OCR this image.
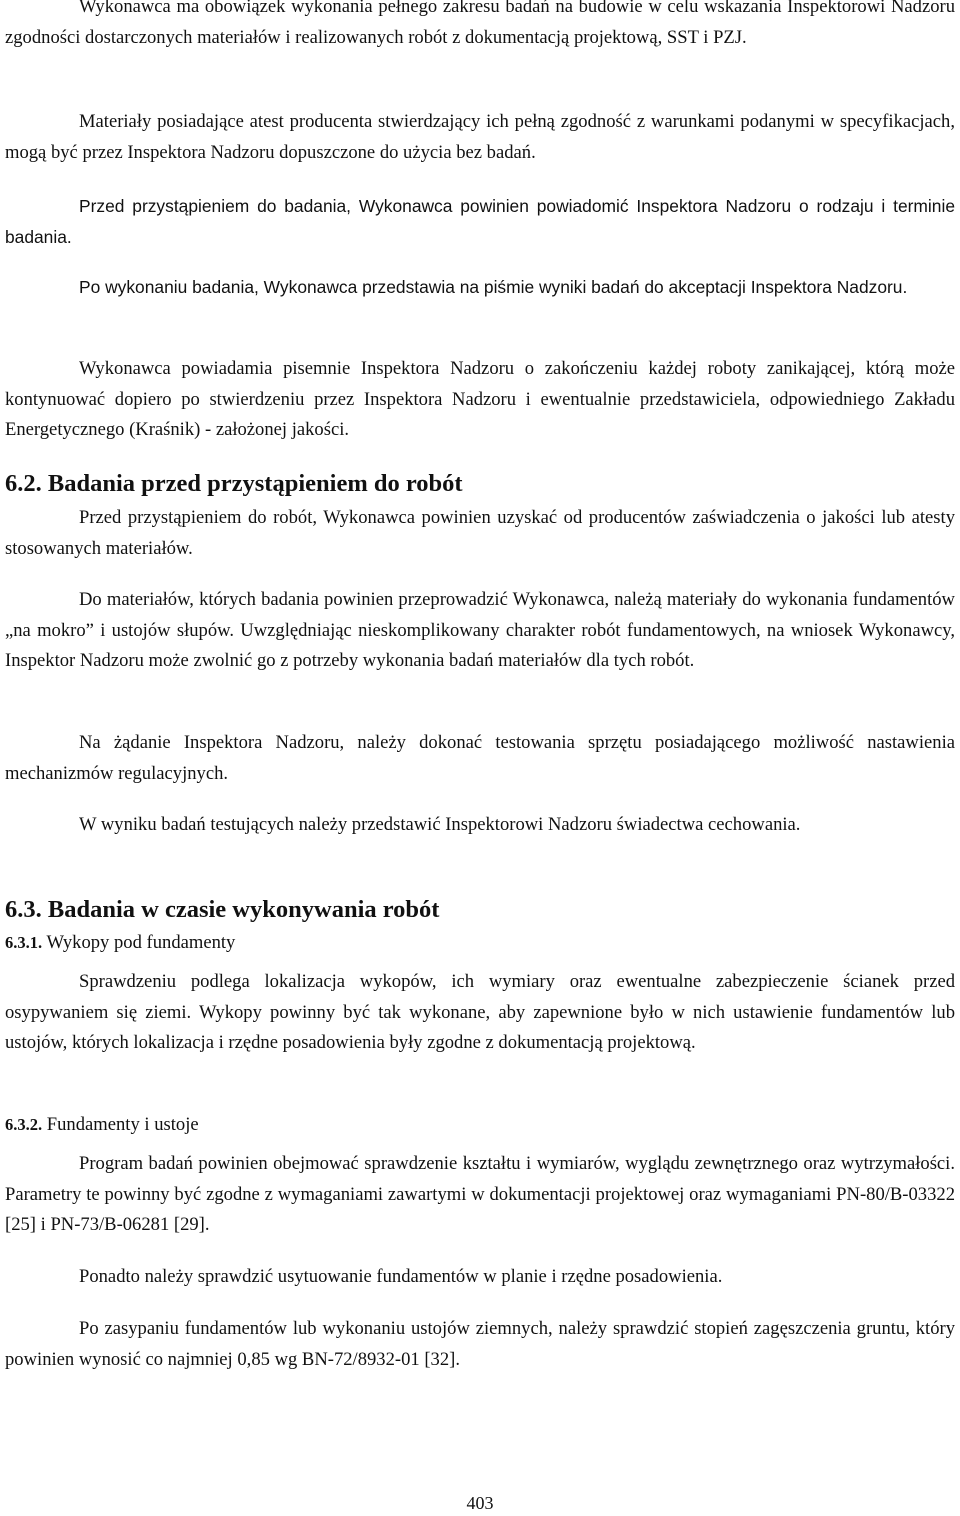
Wykonawca ma obowiązek wykonania pełnego zakresu badań na budowie w celu wskazania Inspektorowi Nadzoru zgodności dostarczonych materiałów i realizowanych robót z dokumentacją projektową, SST i PZJ.

Materiały posiadające atest producenta stwierdzający ich pełną zgodność z warunkami podanymi w specyfikacjach, mogą być przez Inspektora Nadzoru dopuszczone do użycia bez badań.

Przed przystąpieniem do badania, Wykonawca powinien powiadomić Inspektora Nadzoru o rodzaju i terminie badania.

Po wykonaniu badania, Wykonawca przedstawia na piśmie wyniki badań do akceptacji Inspektora Nadzoru.

Wykonawca powiadamia pisemnie Inspektora Nadzoru o zakończeniu każdej roboty zanikającej, którą może kontynuować dopiero po stwierdzeniu przez Inspektora Nadzoru i ewentualnie przedstawiciela, odpowiedniego Zakładu Energetycznego (Kraśnik) - założonej jakości.

6.2. Badania przed przystąpieniem do robót

Przed przystąpieniem do robót, Wykonawca powinien uzyskać od producentów zaświadczenia o jakości lub atesty stosowanych materiałów.

Do materiałów, których badania powinien przeprowadzić Wykonawca, należą materiały do wykonania fundamentów „na mokro” i ustojów słupów. Uwzględniając nieskomplikowany charakter robót fundamentowych, na wniosek Wykonawcy, Inspektor Nadzoru może zwolnić go z potrzeby wykonania badań materiałów dla tych robót.

Na żądanie Inspektora Nadzoru, należy dokonać testowania sprzętu posiadającego możliwość nastawienia mechanizmów regulacyjnych.

W wyniku badań testujących należy przedstawić Inspektorowi Nadzoru świadectwa cechowania.

6.3. Badania w czasie wykonywania robót

6.3.1. Wykopy pod fundamenty

Sprawdzeniu podlega lokalizacja wykopów, ich wymiary oraz ewentualne zabezpieczenie ścianek przed osypywaniem się ziemi. Wykopy powinny być tak wykonane, aby zapewnione było w nich ustawienie fundamentów lub ustojów, których lokalizacja i rzędne posadowienia były zgodne z dokumentacją projektową.

6.3.2. Fundamenty i ustoje

Program badań powinien obejmować sprawdzenie kształtu i wymiarów, wyglądu zewnętrznego oraz wytrzymałości. Parametry te powinny być zgodne z wymaganiami zawartymi w dokumentacji projektowej oraz wymaganiami PN-80/B-03322 [25] i PN-73/B-06281 [29].

Ponadto należy sprawdzić usytuowanie fundamentów w planie i rzędne posadowienia.

Po zasypaniu fundamentów lub wykonaniu ustojów ziemnych, należy sprawdzić stopień zagęszczenia gruntu, który powinien wynosić co najmniej 0,85 wg BN-72/8932-01 [32].

403
